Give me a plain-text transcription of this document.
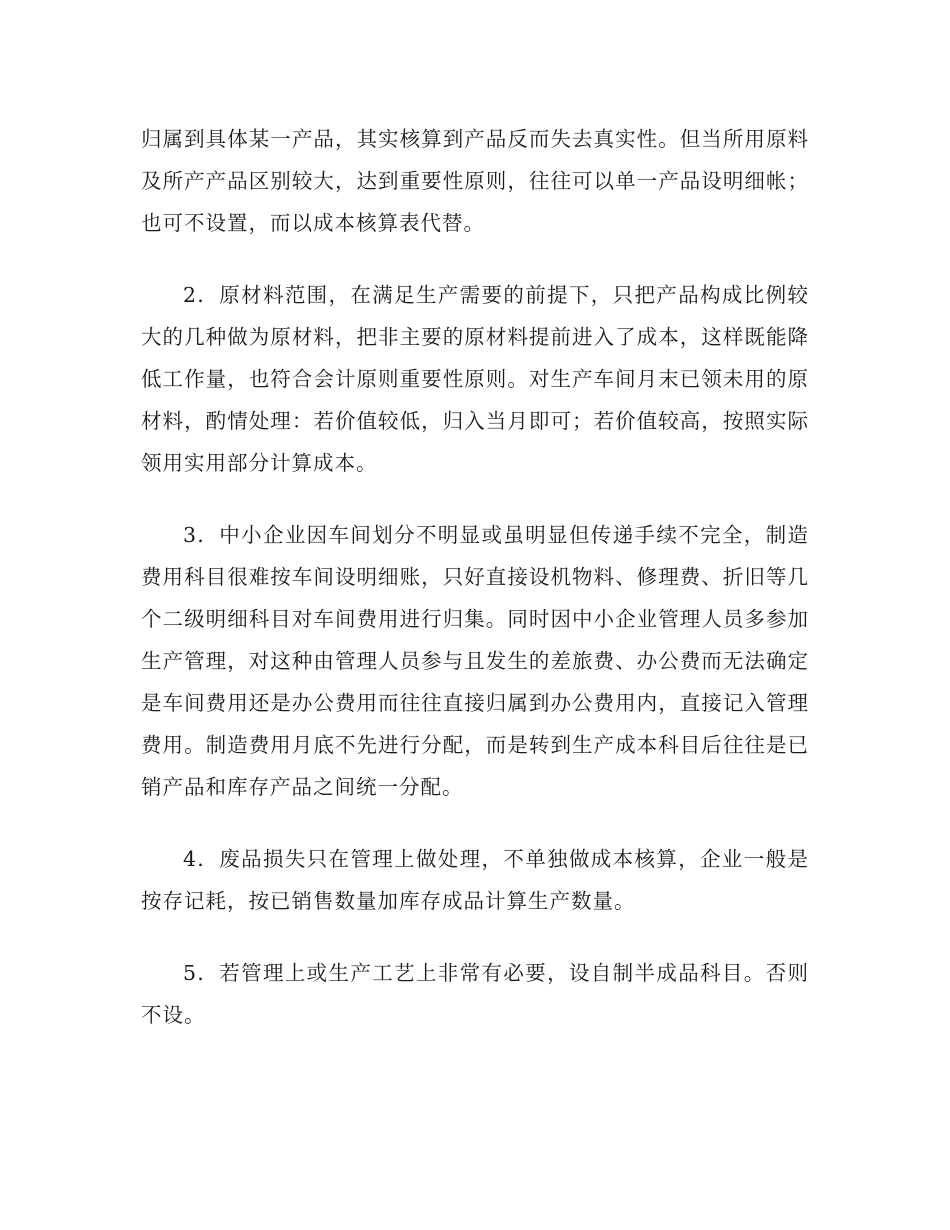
归属到具体某一产品，其实核算到产品反而失去真实性。但当所用原料及所产产品区别较大，达到重要性原则，往往可以单一产品设明细帐；也可不设置，而以成本核算表代替。

2．原材料范围，在满足生产需要的前提下，只把产品构成比例较大的几种做为原材料，把非主要的原材料提前进入了成本，这样既能降低工作量，也符合会计原则重要性原则。对生产车间月末已领未用的原材料，酌情处理：若价值较低，归入当月即可；若价值较高，按照实际领用实用部分计算成本。

3．中小企业因车间划分不明显或虽明显但传递手续不完全，制造费用科目很难按车间设明细账，只好直接设机物料、修理费、折旧等几个二级明细科目对车间费用进行归集。同时因中小企业管理人员多参加生产管理，对这种由管理人员参与且发生的差旅费、办公费而无法确定是车间费用还是办公费用而往往直接归属到办公费用内，直接记入管理费用。制造费用月底不先进行分配，而是转到生产成本科目后往往是已销产品和库存产品之间统一分配。

4．废品损失只在管理上做处理，不单独做成本核算，企业一般是按存记耗，按已销售数量加库存成品计算生产数量。

5．若管理上或生产工艺上非常有必要，设自制半成品科目。否则不设。
